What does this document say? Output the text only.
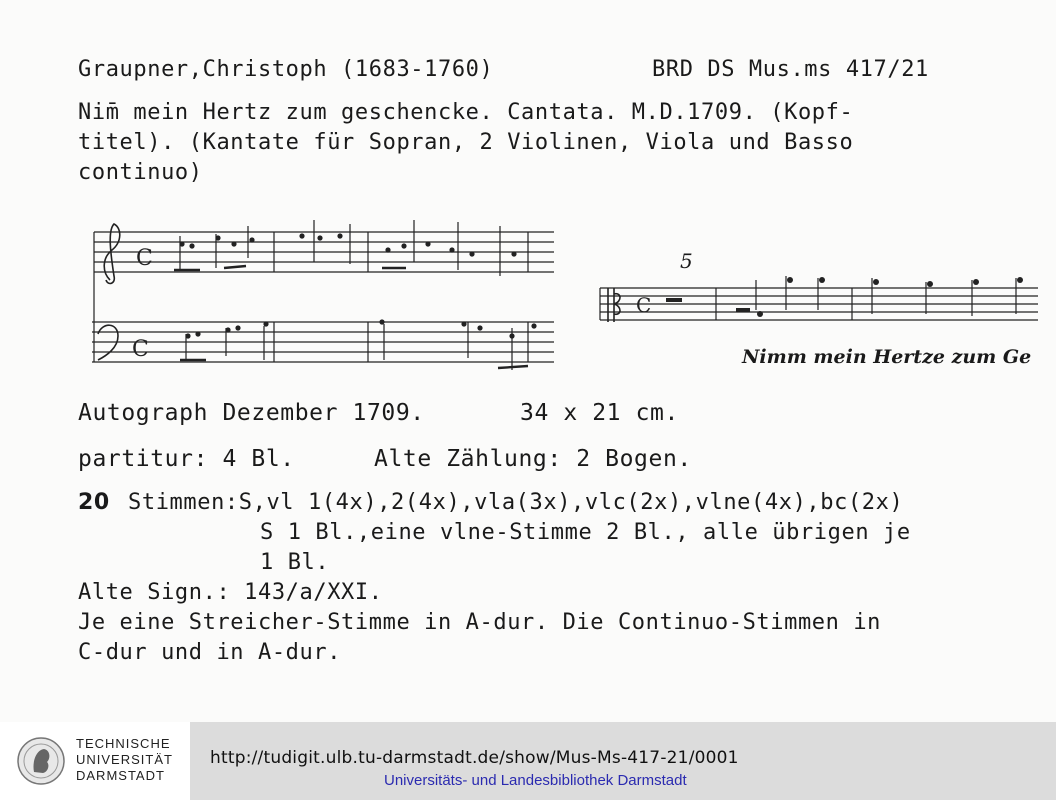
Graupner,Christoph (1683-1760)	BRD DS Mus.ms 417/21
Nim̄ mein Hertz zum geschencke. Cantata. M.D.1709. (Kopf-
titel). (Kantate für Sopran, 2 Violinen, Viola und Basso
continuo)
C
C
C
5
Nimm mein Hertze zum Ge
Autograph Dezember 1709.	34 x 21 cm.
partitur: 4 Bl.	Alte Zählung: 2 Bogen.
20 Stimmen:S,vl 1(4x),2(4x),vla(3x),vlc(2x),vlne(4x),bc(2x)
S 1 Bl.,eine vlne-Stimme 2 Bl., alle übrigen je
1 Bl.
Alte Sign.: 143/a/XXI.
Je eine Streicher-Stimme in A-dur. Die Continuo-Stimmen in
C-dur und in A-dur.
TECHNISCHE
UNIVERSITÄT
DARMSTADT
http://tudigit.ulb.tu-darmstadt.de/show/Mus-Ms-417-21/0001
Universitäts- und Landesbibliothek Darmstadt
